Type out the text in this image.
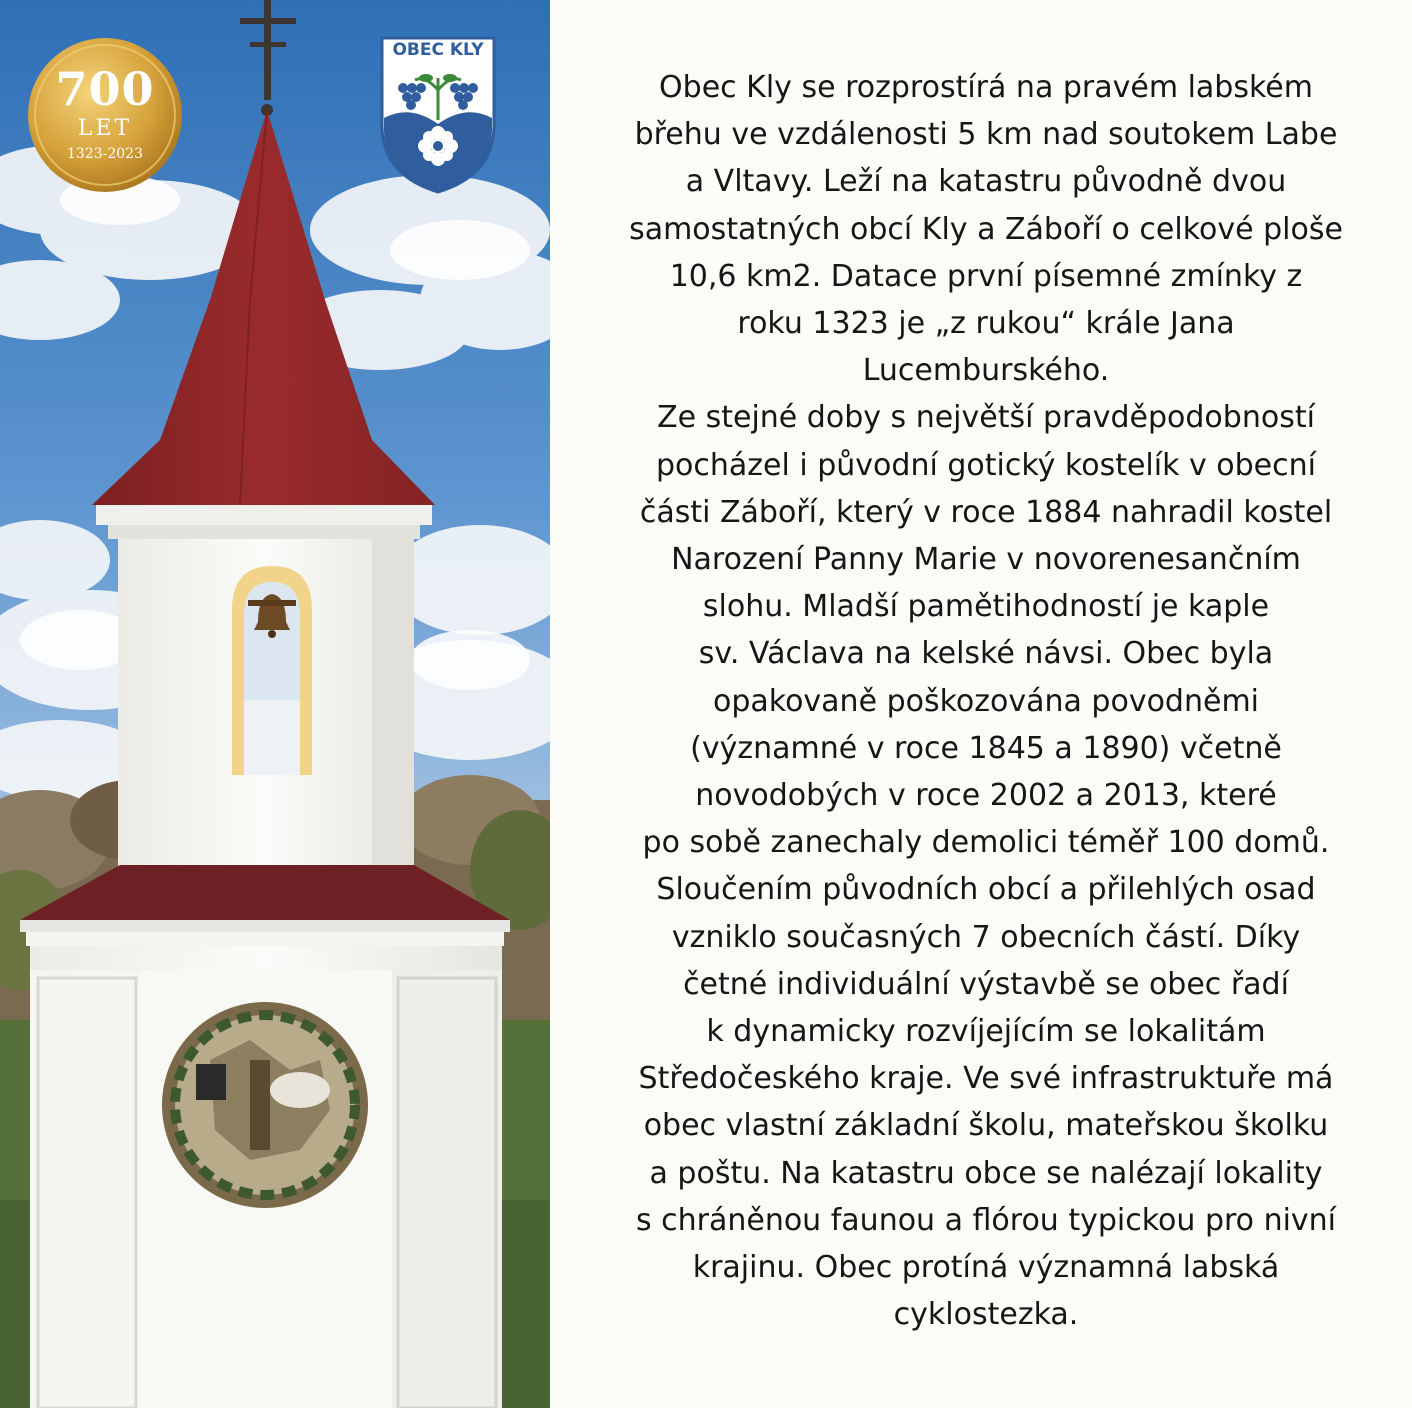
700
LET
1323-2023
OBEC KLY

Obec Kly se rozprostírá na pravém labském
břehu ve vzdálenosti 5 km nad soutokem Labe
a Vltavy. Leží na katastru původně dvou
samostatných obcí Kly a Záboří o celkové ploše
10,6 km2. Datace první písemné zmínky z
roku 1323 je „z rukou“ krále Jana
Lucemburského.
Ze stejné doby s největší pravděpodobností
pocházel i původní gotický kostelík v obecní
části Záboří, který v roce 1884 nahradil kostel
Narození Panny Marie v novorenesančním
slohu. Mladší pamětihodností je kaple
sv. Václava na kelské návsi. Obec byla
opakovaně poškozována povodněmi
(významné v roce 1845 a 1890) včetně
novodobých v roce 2002 a 2013, které
po sobě zanechaly demolici téměř 100 domů.
Sloučením původních obcí a přilehlých osad
vzniklo současných 7 obecních částí. Díky
četné individuální výstavbě se obec řadí
k dynamicky rozvíjejícím se lokalitám
Středočeského kraje. Ve své infrastruktuře má
obec vlastní základní školu, mateřskou školku
a poštu. Na katastru obce se nalézají lokality
s chráněnou faunou a flórou typickou pro nivní
krajinu. Obec protíná významná labská
cyklostezka.
